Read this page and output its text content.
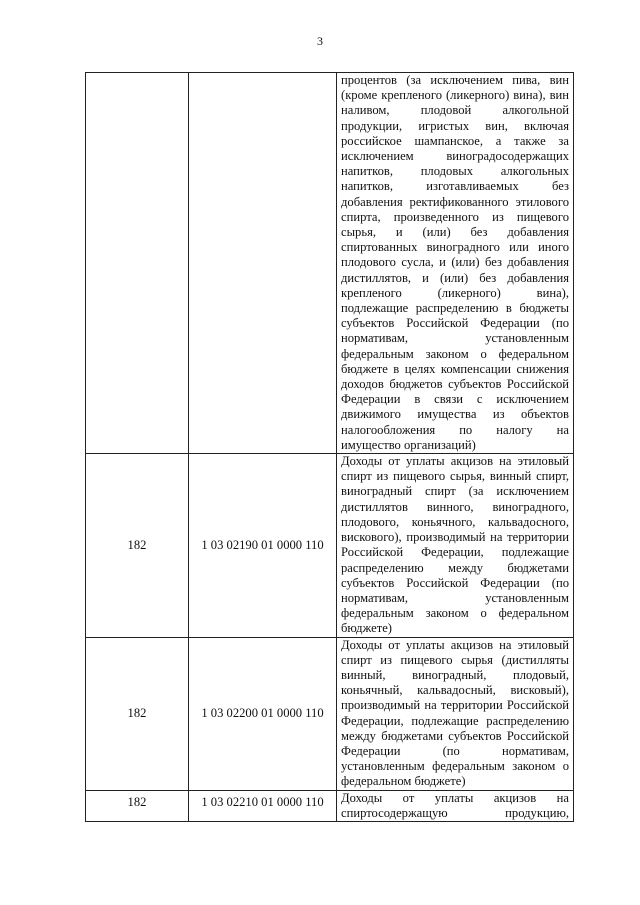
3
		процентов (за исключением пива, вин (кроме крепленого (ликерного) вина), вин наливом, плодовой алкогольной продукции, игристых вин, включая российское шампанское, а также за исключением виноградосодержащих напитков, плодовых алкогольных напитков, изготавливаемых без добавления ректификованного этилового спирта, произведенного из пищевого сырья, и (или) без добавления спиртованных виноградного или иного плодового сусла, и (или) без добавления дистиллятов, и (или) без добавления крепленого (ликерного) вина), подлежащие распределению в бюджеты субъектов Российской Федерации (по нормативам, установленным федеральным законом о федеральном бюджете в целях компенсации снижения доходов бюджетов субъектов Российской Федерации в связи с исключением движимого имущества из объектов налогообложения по налогу на имущество организаций)
182	1 03 02190 01 0000 110	Доходы от уплаты акцизов на этиловый спирт из пищевого сырья, винный спирт, виноградный спирт (за исключением дистиллятов винного, виноградного, плодового, коньячного, кальвадосного, вискового), производимый на территории Российской Федерации, подлежащие распределению между бюджетами субъектов Российской Федерации (по нормативам, установленным федеральным законом о федеральном бюджете)
182	1 03 02200 01 0000 110	Доходы от уплаты акцизов на этиловый спирт из пищевого сырья (дистилляты винный, виноградный, плодовый, коньячный, кальвадосный, висковый), производимый на территории Российской Федерации, подлежащие распределению между бюджетами субъектов Российской Федерации (по нормативам, установленным федеральным законом о федеральном бюджете)
182	1 03 02210 01 0000 110	Доходы от уплаты акцизов на спиртосодержащую продукцию,
